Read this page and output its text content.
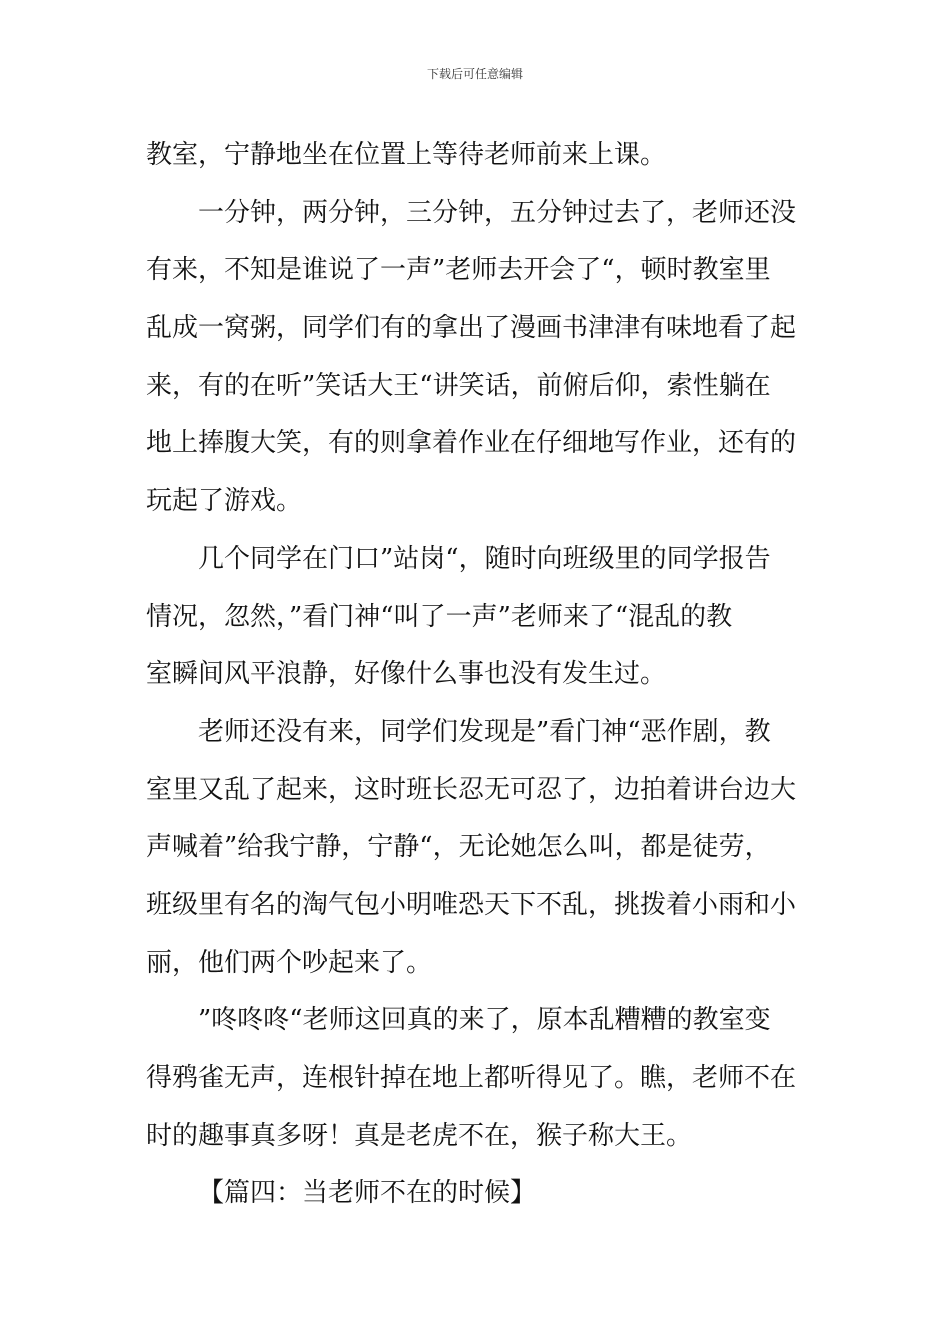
下载后可任意编辑
教室，宁静地坐在位置上等待老师前来上课。
一分钟，两分钟，三分钟，五分钟过去了，老师还没
有来，不知是谁说了一声”老师去开会了“，顿时教室里
乱成一窝粥，同学们有的拿出了漫画书津津有味地看了起
来，有的在听”笑话大王“讲笑话，前俯后仰，索性躺在
地上捧腹大笑，有的则拿着作业在仔细地写作业，还有的
玩起了游戏。
几个同学在门口”站岗“，随时向班级里的同学报告
情况，忽然，”看门神“叫了一声”老师来了“混乱的教
室瞬间风平浪静，好像什么事也没有发生过。
老师还没有来，同学们发现是”看门神“恶作剧，教
室里又乱了起来，这时班长忍无可忍了，边拍着讲台边大
声喊着”给我宁静，宁静“，无论她怎么叫，都是徒劳，
班级里有名的淘气包小明唯恐天下不乱，挑拨着小雨和小
丽，他们两个吵起来了。
”咚咚咚“老师这回真的来了，原本乱糟糟的教室变
得鸦雀无声，连根针掉在地上都听得见了。瞧，老师不在
时的趣事真多呀！真是老虎不在，猴子称大王。
【篇四：当老师不在的时候】
